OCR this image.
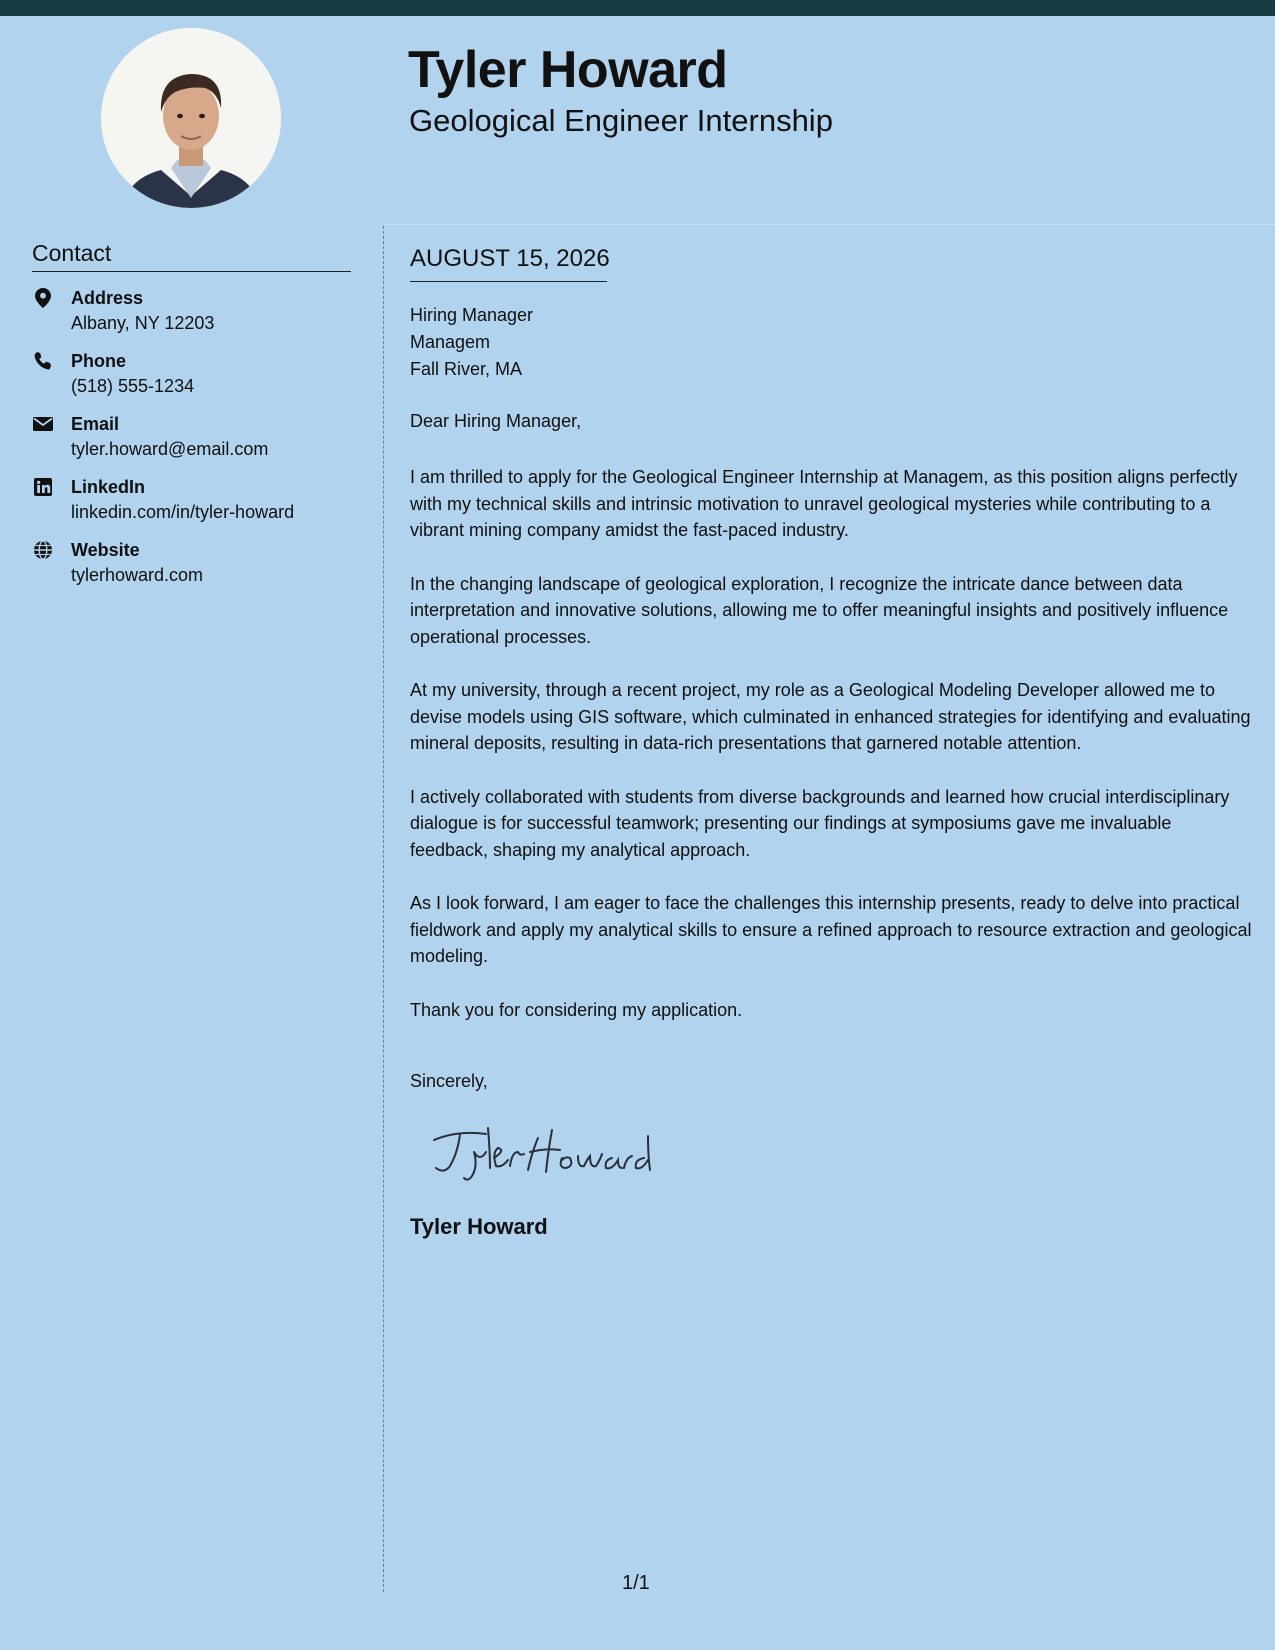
Tyler Howard
Geological Engineer Internship
Contact
Address
Albany, NY 12203
Phone
(518) 555-1234
Email
tyler.howard@email.com
LinkedIn
linkedin.com/in/tyler-howard
Website
tylerhoward.com
AUGUST 15, 2026
Hiring Manager
Managem
Fall River, MA

Dear Hiring Manager,

I am thrilled to apply for the Geological Engineer Internship at Managem, as this position aligns perfectly with my technical skills and intrinsic motivation to unravel geological mysteries while contributing to a vibrant mining company amidst the fast-paced industry.

In the changing landscape of geological exploration, I recognize the intricate dance between data interpretation and innovative solutions, allowing me to offer meaningful insights and positively influence operational processes.

At my university, through a recent project, my role as a Geological Modeling Developer allowed me to devise models using GIS software, which culminated in enhanced strategies for identifying and evaluating mineral deposits, resulting in data-rich presentations that garnered notable attention.

I actively collaborated with students from diverse backgrounds and learned how crucial interdisciplinary dialogue is for successful teamwork; presenting our findings at symposiums gave me invaluable feedback, shaping my analytical approach.

As I look forward, I am eager to face the challenges this internship presents, ready to delve into practical fieldwork and apply my analytical skills to ensure a refined approach to resource extraction and geological modeling.

Thank you for considering my application.

Sincerely,

Tyler Howard

1/1
